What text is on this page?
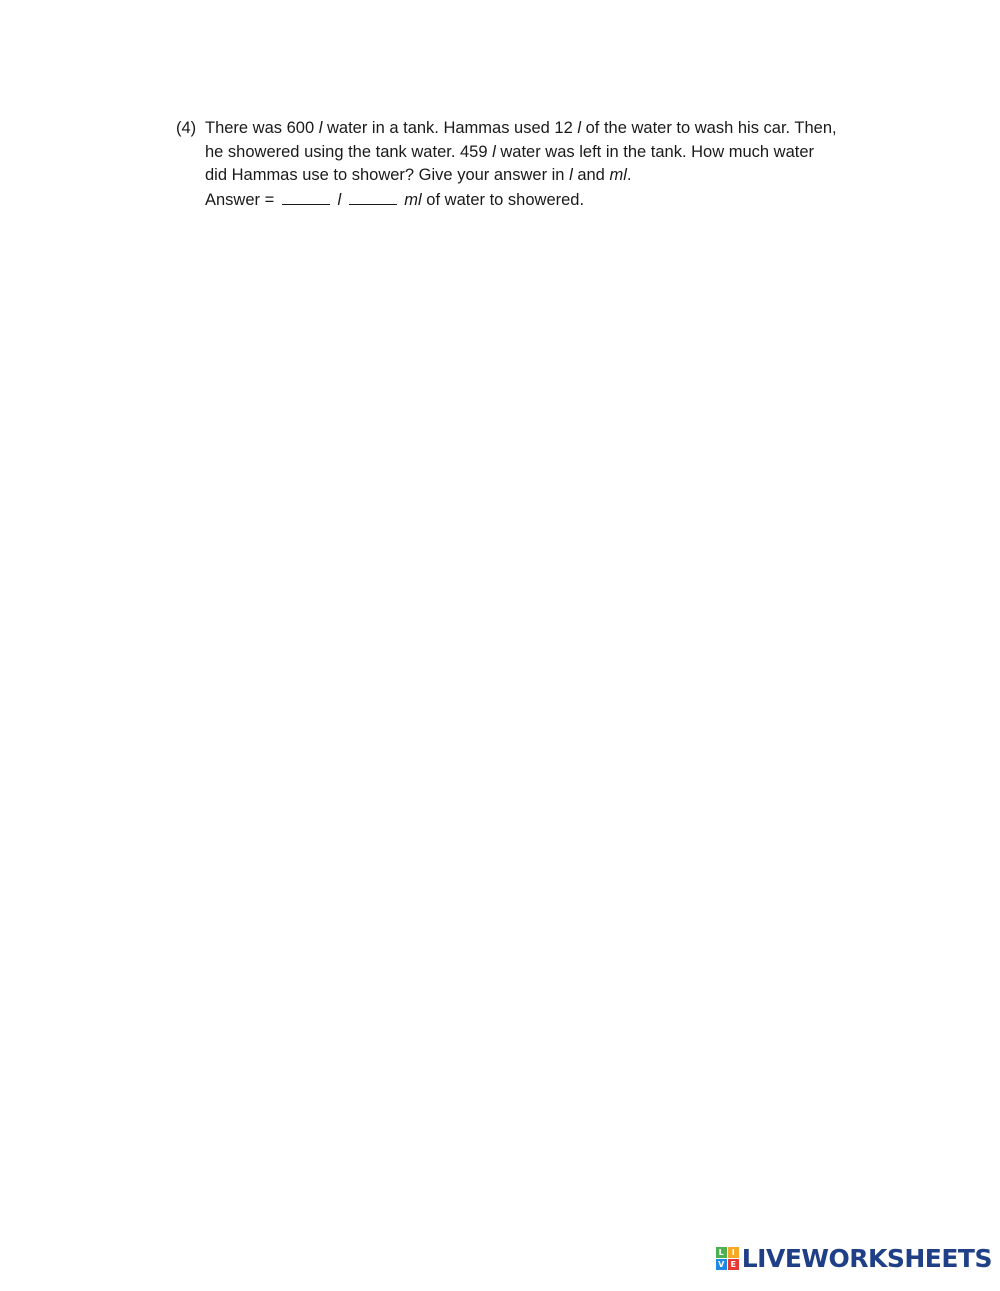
(4) There was 600 l water in a tank. Hammas used 12 l of the water to wash his car. Then,
he showered using the tank water. 459 l water was left in the tank. How much water
did Hammas use to shower? Give your answer in l and ml.
Answer =	l	ml of water to showered.
L I
V E LIVEWORKSHEETS
